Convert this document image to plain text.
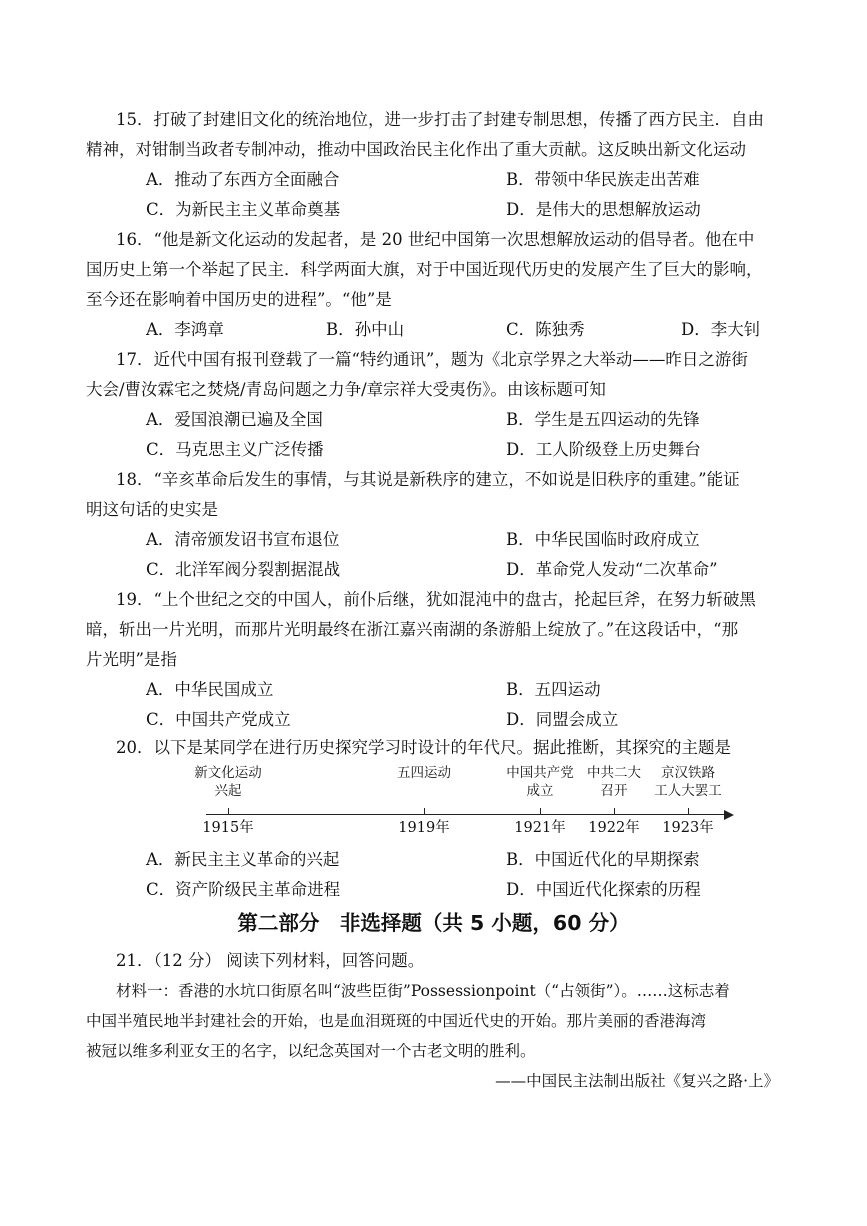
15．打破了封建旧文化的统治地位，进一步打击了封建专制思想，传播了西方民主．自由
精神，对钳制当政者专制冲动，推动中国政治民主化作出了重大贡献。这反映出新文化运动
A．推动了东西方全面融合	B．带领中华民族走出苦难
C．为新民主主义革命奠基	D．是伟大的思想解放运动
16．“他是新文化运动的发起者，是 20 世纪中国第一次思想解放运动的倡导者。他在中
国历史上第一个举起了民主．科学两面大旗，对于中国近现代历史的发展产生了巨大的影响，
至今还在影响着中国历史的进程”。“他”是
A．李鸿章	B．孙中山	C．陈独秀	D．李大钊
17．近代中国有报刊登载了一篇“特约通讯”，题为《北京学界之大举动——昨日之游街
大会/曹汝霖宅之焚烧/青岛问题之力争/章宗祥大受夷伤》。由该标题可知
A．爱国浪潮已遍及全国	B．学生是五四运动的先锋
C．马克思主义广泛传播	D．工人阶级登上历史舞台
18．“辛亥革命后发生的事情，与其说是新秩序的建立，不如说是旧秩序的重建。”能证
明这句话的史实是
A．清帝颁发诏书宣布退位	B．中华民国临时政府成立
C．北洋军阀分裂割据混战	D．革命党人发动“二次革命”
19．“上个世纪之交的中国人，前仆后继，犹如混沌中的盘古，抡起巨斧，在努力斩破黑
暗，斩出一片光明，而那片光明最终在浙江嘉兴南湖的条游船上绽放了。”在这段话中，“那
片光明”是指
A．中华民国成立	B．五四运动
C．中国共产党成立	D．同盟会成立
20．以下是某同学在进行历史探究学习时设计的年代尺。据此推断，其探究的主题是
新文化运动
兴起
1915年
五四运动
1919年
中国共产党
成立
1921年
中共二大
召开
1922年
京汉铁路
工人大罢工
1923年
A．新民主主义革命的兴起	B．中国近代化的早期探索
C．资产阶级民主革命进程	D．中国近代化探索的历程
第二部分　非选择题（共 5 小题，60 分）
21．（12 分） 阅读下列材料，回答问题。
材料一：香港的水坑口街原名叫“波些臣街”Possessionpoint（“占领街”）。……这标志着
中国半殖民地半封建社会的开始，也是血泪斑斑的中国近代史的开始。那片美丽的香港海湾
被冠以维多利亚女王的名字，以纪念英国对一个古老文明的胜利。
——中国民主法制出版社《复兴之路·上》
